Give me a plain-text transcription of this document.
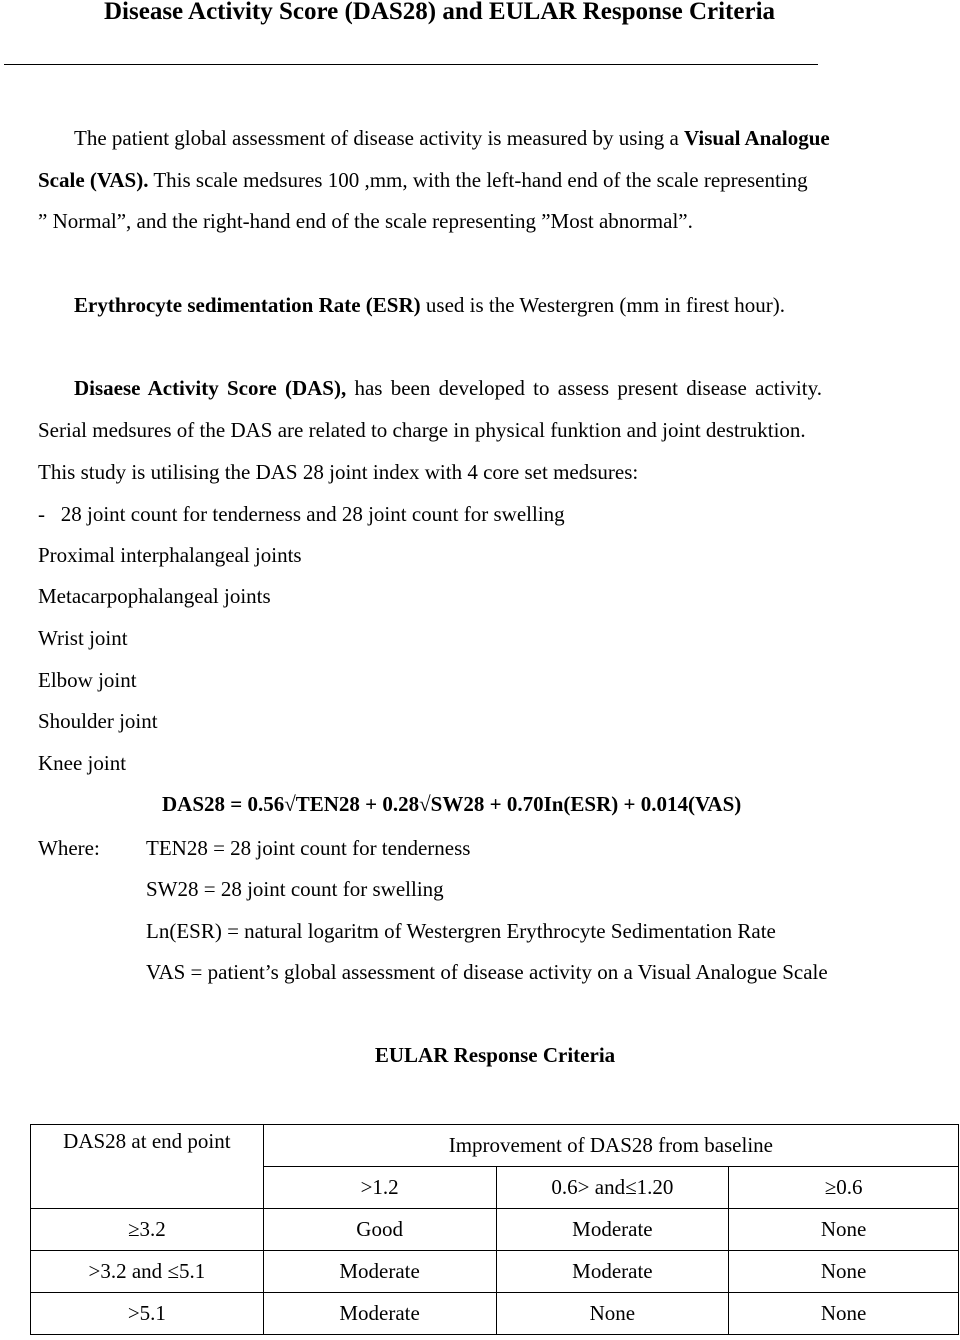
Disease Activity Score (DAS28) and EULAR Response Criteria
The patient global assessment of disease activity is measured by using a Visual Analogue
Scale (VAS). This scale medsures 100 ,mm, with the left-hand end of the scale representing
” Normal”, and the right-hand end of the scale representing ”Most abnormal”.
Erythrocyte sedimentation Rate (ESR) used is the Westergren (mm in firest hour).
Disaese Activity Score (DAS), has been developed to assess present disease activity.
Serial medsures of the DAS are related to charge in physical funktion and joint destruktion.
This study is utilising the DAS 28 joint index with 4 core set medsures:
-   28 joint count for tenderness and 28 joint count for swelling
Proximal interphalangeal joints
Metacarpophalangeal joints
Wrist joint
Elbow joint
Shoulder joint
Knee joint
DAS28 = 0.56√TEN28 + 0.28√SW28 + 0.70In(ESR) + 0.014(VAS)
Where: TEN28 = 28 joint count for tenderness
SW28 = 28 joint count for swelling
Ln(ESR) = natural logaritm of Westergren Erythrocyte Sedimentation Rate
VAS = patient’s global assessment of disease activity on a Visual Analogue Scale
EULAR Response Criteria
DAS28 at end point	Improvement of DAS28 from baseline		
	>1.2	0.6> and≤1.20	≥0.6
≥3.2	Good	Moderate	None
>3.2 and ≤5.1	Moderate	Moderate	None
>5.1	Moderate	None	None
